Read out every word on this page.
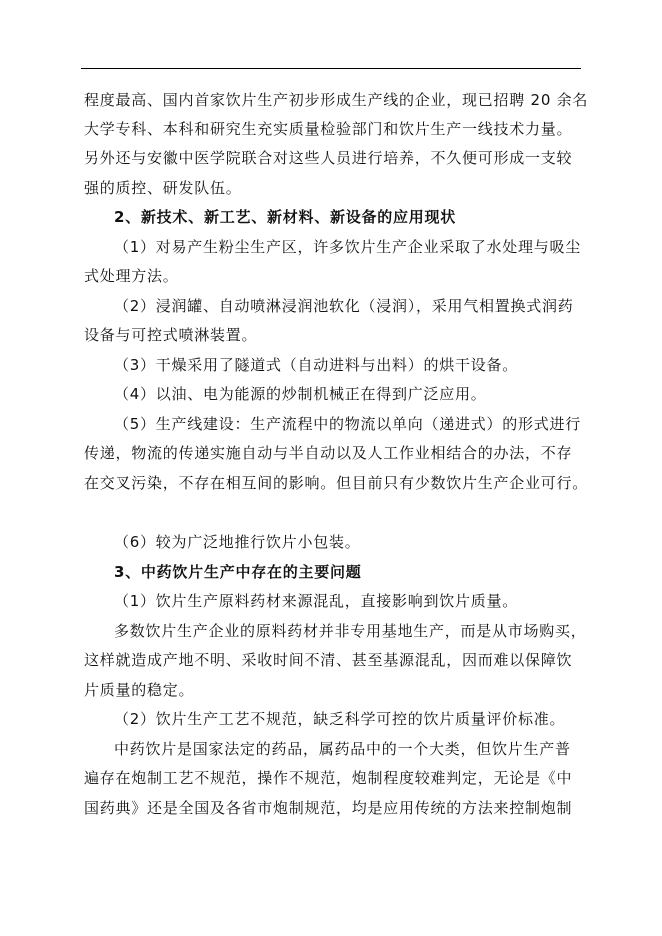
程度最高、国内首家饮片生产初步形成生产线的企业，现已招聘 20 余名
大学专科、本科和研究生充实质量检验部门和饮片生产一线技术力量。
另外还与安徽中医学院联合对这些人员进行培养，不久便可形成一支较
强的质控、研发队伍。
2、新技术、新工艺、新材料、新设备的应用现状
（1）对易产生粉尘生产区，许多饮片生产企业采取了水处理与吸尘
式处理方法。
（2）浸润罐、自动喷淋浸润池软化（浸润），采用气相置换式润药
设备与可控式喷淋装置。
（3）干燥采用了隧道式（自动进料与出料）的烘干设备。
（4）以油、电为能源的炒制机械正在得到广泛应用。
（5）生产线建设：生产流程中的物流以单向（递进式）的形式进行
传递，物流的传递实施自动与半自动以及人工作业相结合的办法，不存
在交叉污染，不存在相互间的影响。但目前只有少数饮片生产企业可行。
（6）较为广泛地推行饮片小包装。
3、中药饮片生产中存在的主要问题
（1）饮片生产原料药材来源混乱，直接影响到饮片质量。
多数饮片生产企业的原料药材并非专用基地生产，而是从市场购买，
这样就造成产地不明、采收时间不清、甚至基源混乱，因而难以保障饮
片质量的稳定。
（2）饮片生产工艺不规范，缺乏科学可控的饮片质量评价标准。
中药饮片是国家法定的药品，属药品中的一个大类，但饮片生产普
遍存在炮制工艺不规范，操作不规范，炮制程度较难判定，无论是《中
国药典》还是全国及各省市炮制规范，均是应用传统的方法来控制炮制
